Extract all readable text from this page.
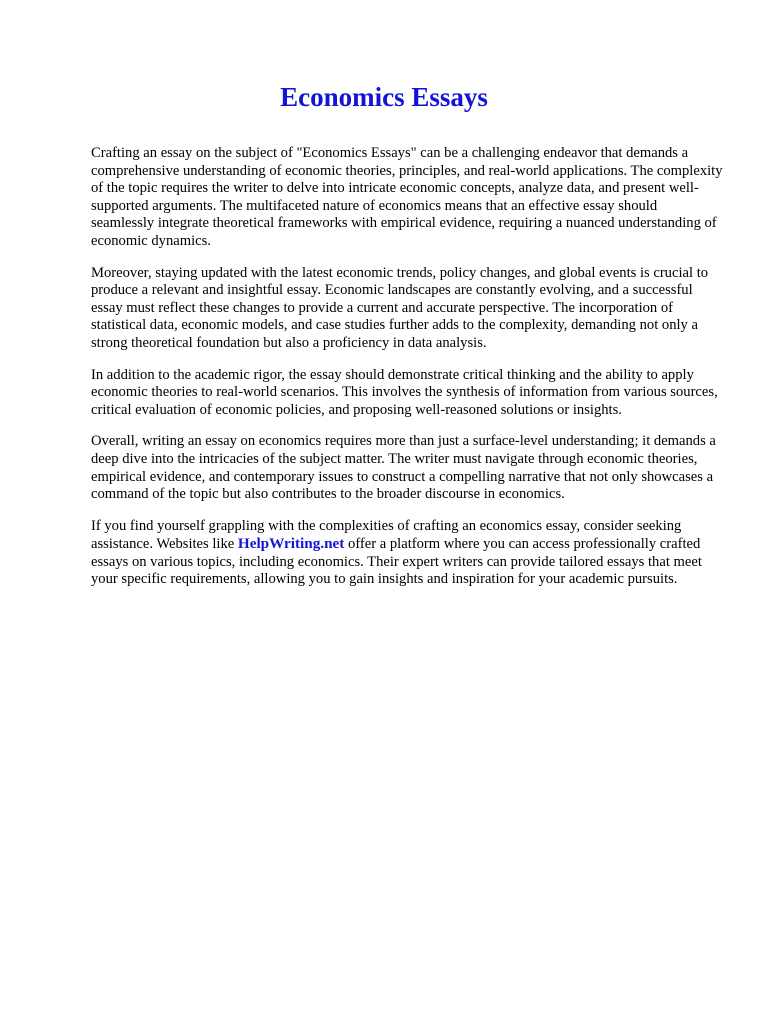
Economics Essays

Crafting an essay on the subject of "Economics Essays" can be a challenging endeavor that demands a comprehensive understanding of economic theories, principles, and real-world applications. The complexity of the topic requires the writer to delve into intricate economic concepts, analyze data, and present well-supported arguments. The multifaceted nature of economics means that an effective essay should seamlessly integrate theoretical frameworks with empirical evidence, requiring a nuanced understanding of economic dynamics.

Moreover, staying updated with the latest economic trends, policy changes, and global events is crucial to produce a relevant and insightful essay. Economic landscapes are constantly evolving, and a successful essay must reflect these changes to provide a current and accurate perspective. The incorporation of statistical data, economic models, and case studies further adds to the complexity, demanding not only a strong theoretical foundation but also a proficiency in data analysis.

In addition to the academic rigor, the essay should demonstrate critical thinking and the ability to apply economic theories to real-world scenarios. This involves the synthesis of information from various sources, critical evaluation of economic policies, and proposing well-reasoned solutions or insights.

Overall, writing an essay on economics requires more than just a surface-level understanding; it demands a deep dive into the intricacies of the subject matter. The writer must navigate through economic theories, empirical evidence, and contemporary issues to construct a compelling narrative that not only showcases a command of the topic but also contributes to the broader discourse in economics.

If you find yourself grappling with the complexities of crafting an economics essay, consider seeking assistance. Websites like HelpWriting.net offer a platform where you can access professionally crafted essays on various topics, including economics. Their expert writers can provide tailored essays that meet your specific requirements, allowing you to gain insights and inspiration for your academic pursuits.
